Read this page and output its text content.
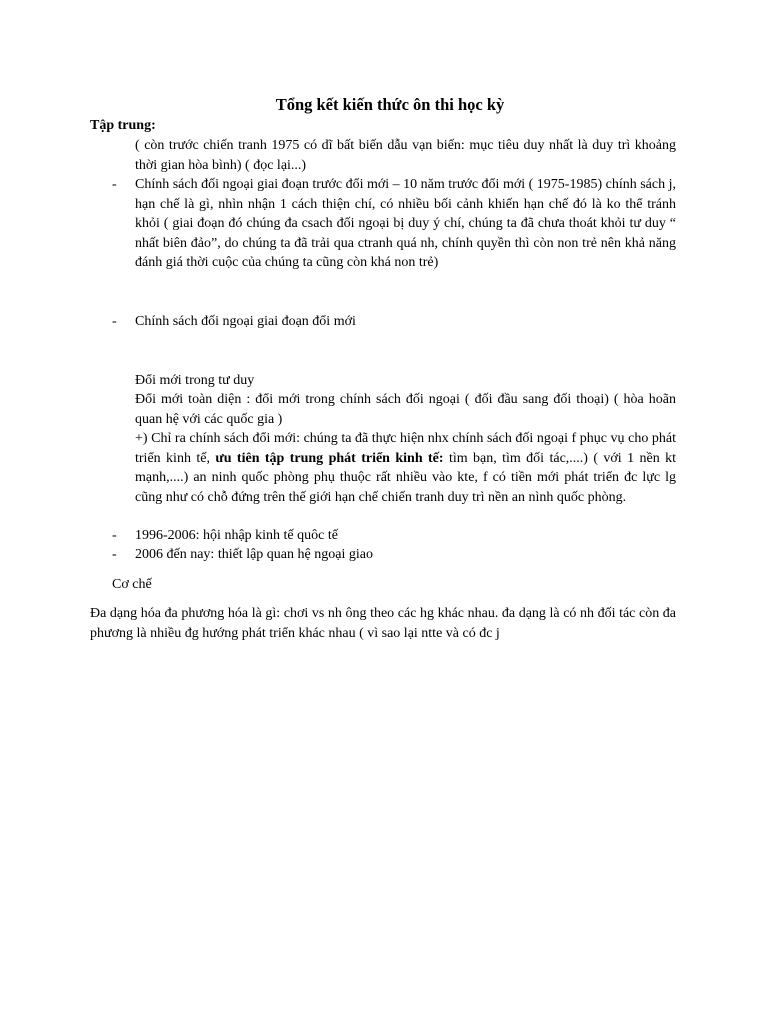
Tổng kết kiến thức ôn thi học kỳ
Tập trung:
( còn trước chiến tranh 1975 có dĩ bất biến dẫu vạn biến: mục tiêu duy nhất là duy trì khoảng thời gian hòa bình) ( đọc lại...)
- Chính sách đối ngoại giai đoạn trước đổi mới – 10 năm trước đổi mới ( 1975-1985) chính sách j, hạn chế là gì, nhìn nhận 1 cách thiện chí, có nhiều bối cảnh khiến hạn chế đó là ko thể tránh khỏi ( giai đoạn đó chúng đa csach đối ngoại bị duy ý chí, chúng ta đã chưa thoát khỏi tư duy “ nhất biên đảo”, do chúng ta đã trải qua ctranh quá nh, chính quyền thì còn non trẻ nên khả năng đánh giá thời cuộc của chúng ta cũng còn khá non trẻ)
- Chính sách đối ngoại giai đoạn đổi mới
Đổi mới trong tư duy
Đổi mới toàn diện : đổi mới trong chính sách đối ngoại ( đối đầu sang đối thoại) ( hòa hoãn quan hệ với các quốc gia )
+) Chỉ ra chính sách đổi mới: chúng ta đã thực hiện nhx chính sách đối ngoại f phục vụ cho phát triển kinh tế, ưu tiên tập trung phát triển kinh tế: tìm bạn, tìm đối tác,....) ( với 1 nền kt mạnh,....) an ninh quốc phòng phụ thuộc rất nhiều vào kte, f có tiền mới phát triển đc lực lg cũng như có chỗ đứng trên thế giới hạn chế chiến tranh duy trì nền an nình quốc phòng.
- 1996-2006: hội nhập kinh tế quôc tế
- 2006 đến nay: thiết lập quan hệ ngoại giao
Cơ chế
Đa dạng hóa đa phương hóa là gì: chơi vs nh ông theo các hg khác nhau. đa dạng là có nh đối tác còn đa phương là nhiều đg hướng phát triển khác nhau ( vì sao lại ntte và có đc j
